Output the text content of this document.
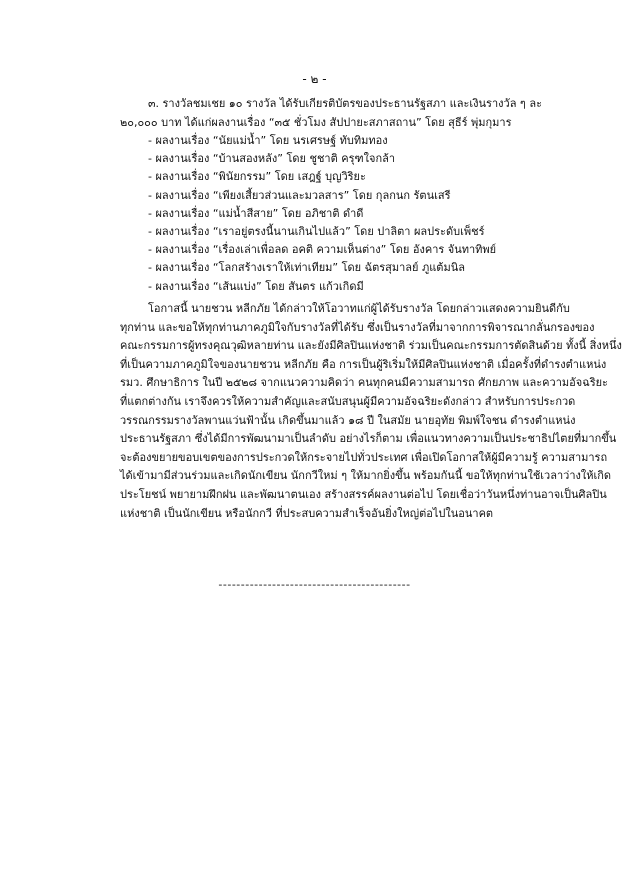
- ๒ -
๓. รางวัลชมเชย ๑๐ รางวัล ได้รับเกียรติบัตรของประธานรัฐสภา และเงินรางวัล ๆ ละ
๒๐,๐๐๐ บาท ได้แก่ผลงานเรื่อง “๓๕ ชั่วโมง สัปปายะสภาสถาน” โดย สุธีร์ พุ่มกุมาร
- ผลงานเรื่อง “นัยแม่น้ำ” โดย นรเศรษฐ์ ทับทิมทอง
- ผลงานเรื่อง “บ้านสองหลัง” โดย ชูชาติ ครุฑใจกล้า
- ผลงานเรื่อง “พินัยกรรม” โดย เสฎฐ์ บุญวิริยะ
- ผลงานเรื่อง “เพียงเสี้ยวส่วนและมวลสาร” โดย กุลกนก รัตนเสรี
- ผลงานเรื่อง “แม่น้ำสีสาย” โดย อภิชาติ ดำดี
- ผลงานเรื่อง “เราอยู่ตรงนี้นานเกินไปแล้ว” โดย ปาลิตา ผลประดับเพ็ชร์
- ผลงานเรื่อง “เรื่องเล่าเพื่อลด อคติ ความเห็นต่าง” โดย อังคาร จันทาทิพย์
- ผลงานเรื่อง “โลกสร้างเราให้เท่าเทียม” โดย ฉัตรสุมาลย์ ภูแต้มนิล
- ผลงานเรื่อง “เส้นแบ่ง” โดย สันตร แก้วเกิดมี
โอกาสนี้ นายชวน หลีกภัย ได้กล่าวให้โอวาทแก่ผู้ได้รับรางวัล โดยกล่าวแสดงความยินดีกับ
ทุกท่าน และขอให้ทุกท่านภาคภูมิใจกับรางวัลที่ได้รับ ซึ่งเป็นรางวัลที่มาจากการพิจารณากลั่นกรองของ
คณะกรรมการผู้ทรงคุณวุฒิหลายท่าน และยังมีศิลปินแห่งชาติ ร่วมเป็นคณะกรรมการตัดสินด้วย ทั้งนี้ สิ่งหนึ่ง
ที่เป็นความภาคภูมิใจของนายชวน หลีกภัย คือ การเป็นผู้ริเริ่มให้มีศิลปินแห่งชาติ เมื่อครั้งที่ดำรงตำแหน่ง
รมว. ศึกษาธิการ ในปี ๒๕๒๘ จากแนวความคิดว่า คนทุกคนมีความสามารถ ศักยภาพ และความอัจฉริยะ
ที่แตกต่างกัน เราจึงควรให้ความสำคัญและสนับสนุนผู้มีความอัจฉริยะดังกล่าว สำหรับการประกวด
วรรณกรรมรางวัลพานแว่นฟ้านั้น เกิดขึ้นมาแล้ว ๑๘ ปี ในสมัย นายอุทัย พิมพ์ใจชน ดำรงตำแหน่ง
ประธานรัฐสภา ซึ่งได้มีการพัฒนามาเป็นลำดับ อย่างไรก็ตาม เพื่อแนวทางความเป็นประชาธิปไตยที่มากขึ้น
จะต้องขยายขอบเขตของการประกวดให้กระจายไปทั่วประเทศ เพื่อเปิดโอกาสให้ผู้มีความรู้ ความสามารถ
ได้เข้ามามีส่วนร่วมและเกิดนักเขียน นักกวีใหม่ ๆ ให้มากยิ่งขึ้น พร้อมกันนี้ ขอให้ทุกท่านใช้เวลาว่างให้เกิด
ประโยชน์ พยายามฝึกฝน และพัฒนาตนเอง สร้างสรรค์ผลงานต่อไป โดยเชื่อว่าวันหนึ่งท่านอาจเป็นศิลปิน
แห่งชาติ เป็นนักเขียน หรือนักกวี ที่ประสบความสำเร็จอันยิ่งใหญ่ต่อไปในอนาคต
-------------------------------------------
